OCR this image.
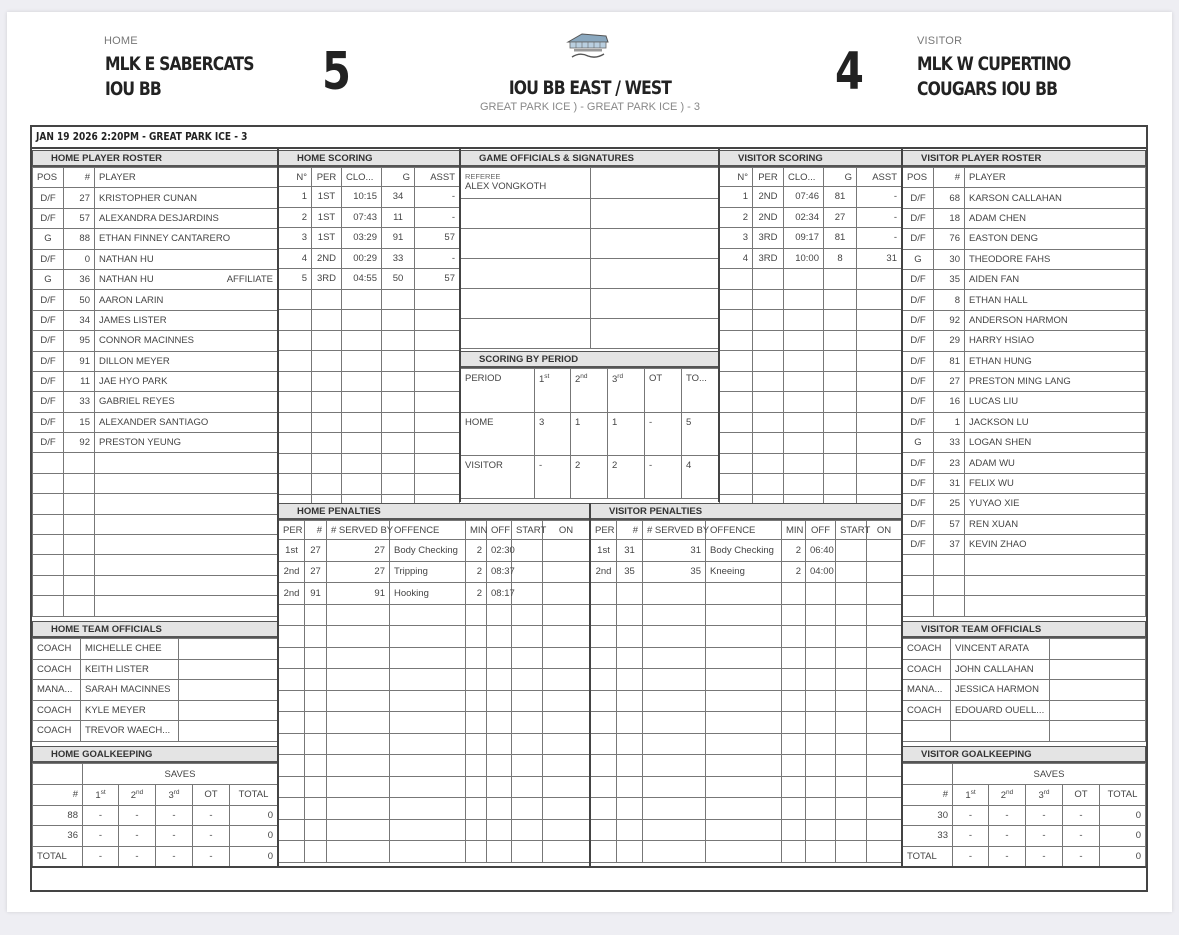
HOME
MLK E SABERCATS
IOU BB	5	IOU BB EAST / WEST
GREAT PARK ICE ) - GREAT PARK ICE ) - 3
4
VISITOR
MLK W CUPERTINO
COUGARS IOU BB
JAN 19 2026 2:20PM - GREAT PARK ICE - 3
HOME PLAYER ROSTER
POS	#	PLAYER
D/F	27	KRISTOPHER CUNAN
D/F	57	ALEXANDRA DESJARDINS
G	88	ETHAN FINNEY CANTARERO
D/F	0	NATHAN HU
G	36	NATHAN HU AFFILIATE

D/F	50	AARON LARIN
D/F	34	JAMES LISTER
D/F	95	CONNOR MACINNES
D/F	91	DILLON MEYER
D/F	11	JAE HYO PARK
D/F	33	GABRIEL REYES
D/F	15	ALEXANDER SANTIAGO
D/F	92	PRESTON YEUNG

HOME SCORING
N°	PER	CLO...	G	ASST
1	1ST	10:15	34	-
2	1ST	07:43	11	-
3	1ST	03:29	91	57
4	2ND	00:29	33	-
5	3RD	04:55	50	57

GAME OFFICIALS & SIGNATURES
REFEREE
ALEX VONGKOTH	

SCORING BY PERIOD
PERIOD	1st	2nd	3rd	OT	TO...
HOME	3	1	1	-	5
VISITOR	-	2	2	-	4
VISITOR SCORING
N°	PER	CLO...	G	ASST
1	2ND	07:46	81	-
2	2ND	02:34	27	-
3	3RD	09:17	81	-
4	3RD	10:00	8	31

VISITOR PLAYER ROSTER
POS	#	PLAYER
D/F	68	KARSON CALLAHAN
D/F	18	ADAM CHEN
D/F	76	EASTON DENG
G	30	THEODORE FAHS
D/F	35	AIDEN FAN
D/F	8	ETHAN HALL
D/F	92	ANDERSON HARMON
D/F	29	HARRY HSIAO
D/F	81	ETHAN HUNG
D/F	27	PRESTON MING LANG
D/F	16	LUCAS LIU
D/F	1	JACKSON LU
G	33	LOGAN SHEN
D/F	23	ADAM WU
D/F	31	FELIX WU
D/F	25	YUYAO XIE
D/F	57	REN XUAN
D/F	37	KEVIN ZHAO

HOME PENALTIES
PER	#	# SERVED BY	OFFENCE	MIN	OFF	START	ON
1st	27	27	Body Checking	2	02:30		
2nd	27	27	Tripping	2	08:37		
2nd	91	91	Hooking	2	08:17		

VISITOR PENALTIES
PER	#	# SERVED BY	OFFENCE	MIN	OFF	START	ON
1st	31	31	Body Checking	2	06:40		
2nd	35	35	Kneeing	2	04:00		

HOME TEAM OFFICIALS
COACH	MICHELLE CHEE	
COACH	KEITH LISTER	
MANA...	SARAH MACINNES	
COACH	KYLE MEYER	
COACH	TREVOR WAECH...	
VISITOR TEAM OFFICIALS
COACH	VINCENT ARATA	
COACH	JOHN CALLAHAN	
MANA...	JESSICA HARMON	
COACH	EDOUARD OUELL...	

HOME GOALKEEPING
	SAVES				
#	1st	2nd	3rd	OT	TOTAL
88	-	-	-	-	0
36	-	-	-	-	0
TOTAL	-	-	-	-	0
VISITOR GOALKEEPING
	SAVES				
#	1st	2nd	3rd	OT	TOTAL
30	-	-	-	-	0
33	-	-	-	-	0
TOTAL	-	-	-	-	0
